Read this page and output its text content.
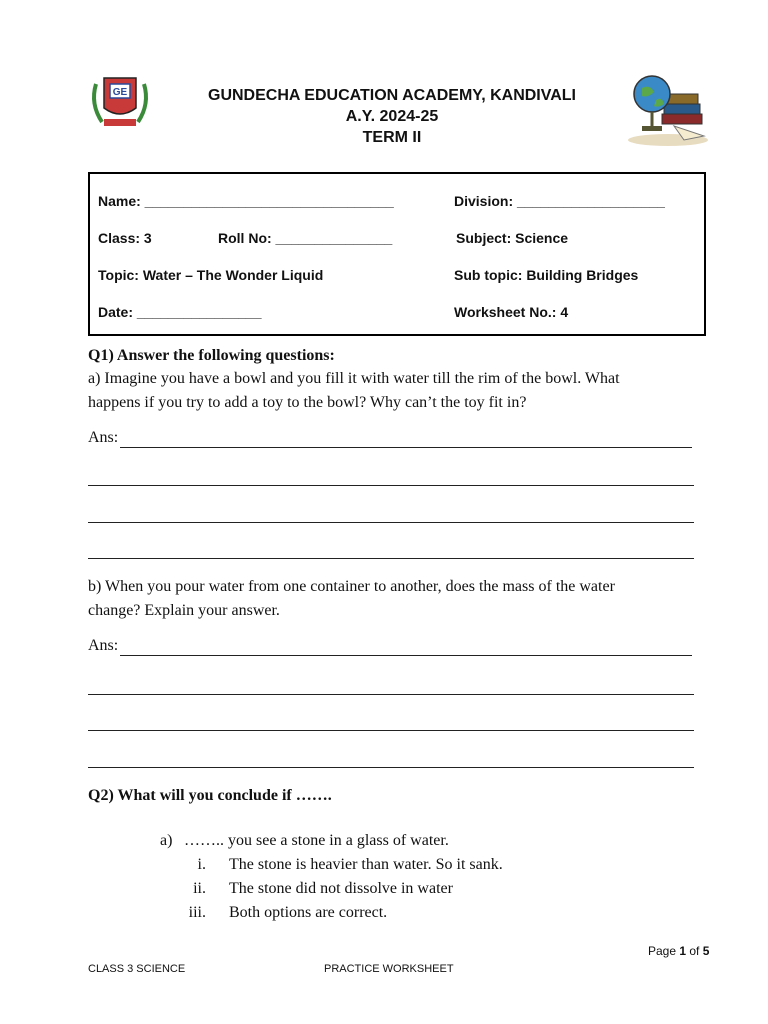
GE	GUNDECHA EDUCATION ACADEMY, KANDIVALI
A.Y. 2024-25
TERM II
Name: ________________________________	Division: ___________________
Class: 3	Roll No: _______________	Subject: Science
Topic: Water – The Wonder Liquid	Sub topic: Building Bridges
Date: ________________	Worksheet No.: 4
Q1) Answer the following questions:
a) Imagine you have a bowl and you fill it with water till the rim of the bowl. What
happens if you try to add a toy to the bowl? Why can’t the toy fit in?
Ans:
b) When you pour water from one container to another, does the mass of the water
change? Explain your answer.
Ans:
Q2) What will you conclude if …….
a) …….. you see a stone in a glass of water.
i. The stone is heavier than water. So it sank.
ii. The stone did not dissolve in water
iii. Both options are correct.
Page 1 of 5
CLASS 3 SCIENCE	PRACTICE WORKSHEET
